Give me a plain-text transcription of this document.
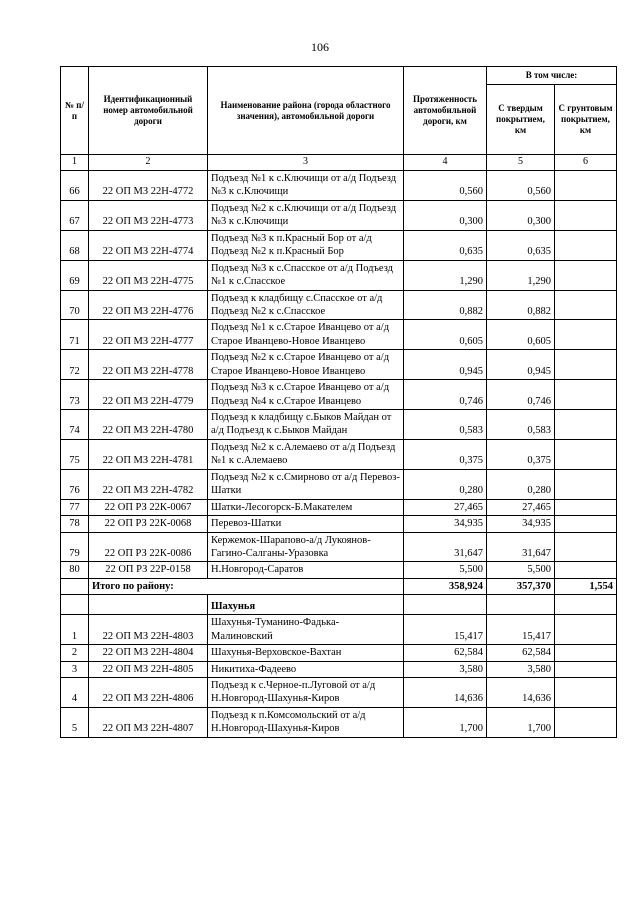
106
№ п/п	Идентификационный номер автомобильной дороги	Наименование района (города областного значения), автомобильной дороги	Протяженность автомобильной дороги, км	В том числе:	
				С твердым покрытием, км	С грунтовым покрытием, км
1	2	3	4	5	6
66	22 ОП МЗ 22Н-4772	Подъезд №1 к с.Ключищи от а/д Подъезд №3 к с.Ключищи	0,560	0,560	
67	22 ОП МЗ 22Н-4773	Подъезд №2 к с.Ключищи от а/д Подъезд №3 к с.Ключищи	0,300	0,300	
68	22 ОП МЗ 22Н-4774	Подъезд №3 к п.Красный Бор от а/д Подъезд №2 к п.Красный Бор	0,635	0,635	
69	22 ОП МЗ 22Н-4775	Подъезд №3 к с.Спасское от а/д Подъезд №1 к с.Спасское	1,290	1,290	
70	22 ОП МЗ 22Н-4776	Подъезд к кладбищу с.Спасское от а/д Подъезд №2 к с.Спасское	0,882	0,882	
71	22 ОП МЗ 22Н-4777	Подъезд №1 к с.Старое Иванцево от а/д Старое Иванцево-Новое Иванцево	0,605	0,605	
72	22 ОП МЗ 22Н-4778	Подъезд №2 к с.Старое Иванцево от а/д Старое Иванцево-Новое Иванцево	0,945	0,945	
73	22 ОП МЗ 22Н-4779	Подъезд №3 к с.Старое Иванцево от а/д Подъезд №4 к с.Старое Иванцево	0,746	0,746	
74	22 ОП МЗ 22Н-4780	Подъезд к кладбищу с.Быков Майдан от а/д Подъезд к с.Быков Майдан	0,583	0,583	
75	22 ОП МЗ 22Н-4781	Подъезд №2 к с.Алемаево от а/д Подъезд №1 к с.Алемаево	0,375	0,375	
76	22 ОП МЗ 22Н-4782	Подъезд №2 к с.Смирново от а/д Перевоз-Шатки	0,280	0,280	
77	22 ОП РЗ 22К-0067	Шатки-Лесогорск-Б.Макателем	27,465	27,465	
78	22 ОП РЗ 22К-0068	Перевоз-Шатки	34,935	34,935	
79	22 ОП РЗ 22К-0086	Кержемок-Шарапово-а/д Лукоянов-Гагино-Салганы-Уразовка	31,647	31,647	
80	22 ОП РЗ 22Р-0158	Н.Новгород-Саратов	5,500	5,500	
	Итого по району:		358,924	357,370	1,554
		Шахунья			
1	22 ОП МЗ 22Н-4803	Шахунья-Туманино-Фадька-Малиновский	15,417	15,417	
2	22 ОП МЗ 22Н-4804	Шахунья-Верховское-Вахтан	62,584	62,584	
3	22 ОП МЗ 22Н-4805	Никитиха-Фадеево	3,580	3,580	
4	22 ОП МЗ 22Н-4806	Подъезд к с.Черное-п.Луговой от а/д Н.Новгород-Шахунья-Киров	14,636	14,636	
5	22 ОП МЗ 22Н-4807	Подъезд к п.Комсомольский от а/д Н.Новгород-Шахунья-Киров	1,700	1,700	
